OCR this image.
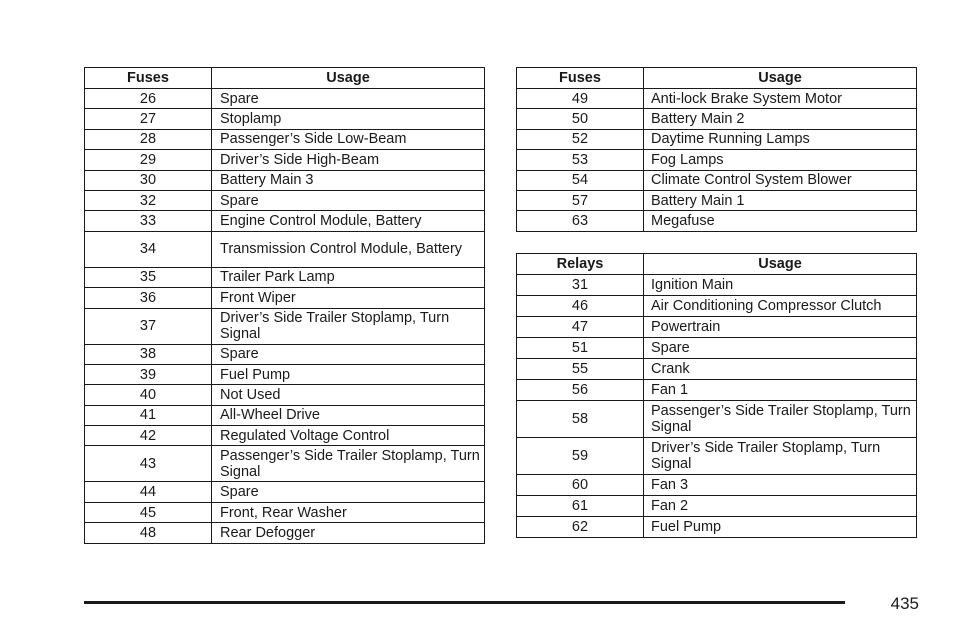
Fuses	Usage
26	Spare
27	Stoplamp
28	Passenger’s Side Low-Beam
29	Driver’s Side High-Beam
30	Battery Main 3
32	Spare
33	Engine Control Module, Battery
34	Transmission Control Module, Battery
35	Trailer Park Lamp
36	Front Wiper
37	Driver’s Side Trailer Stoplamp, Turn Signal
38	Spare
39	Fuel Pump
40	Not Used
41	All-Wheel Drive
42	Regulated Voltage Control
43	Passenger’s Side Trailer Stoplamp, Turn Signal
44	Spare
45	Front, Rear Washer
48	Rear Defogger
Fuses	Usage
49	Anti-lock Brake System Motor
50	Battery Main 2
52	Daytime Running Lamps
53	Fog Lamps
54	Climate Control System Blower
57	Battery Main 1
63	Megafuse
Relays	Usage
31	Ignition Main
46	Air Conditioning Compressor Clutch
47	Powertrain
51	Spare
55	Crank
56	Fan 1
58	Passenger’s Side Trailer Stoplamp, Turn Signal
59	Driver’s Side Trailer Stoplamp, Turn Signal
60	Fan 3
61	Fan 2
62	Fuel Pump
435
